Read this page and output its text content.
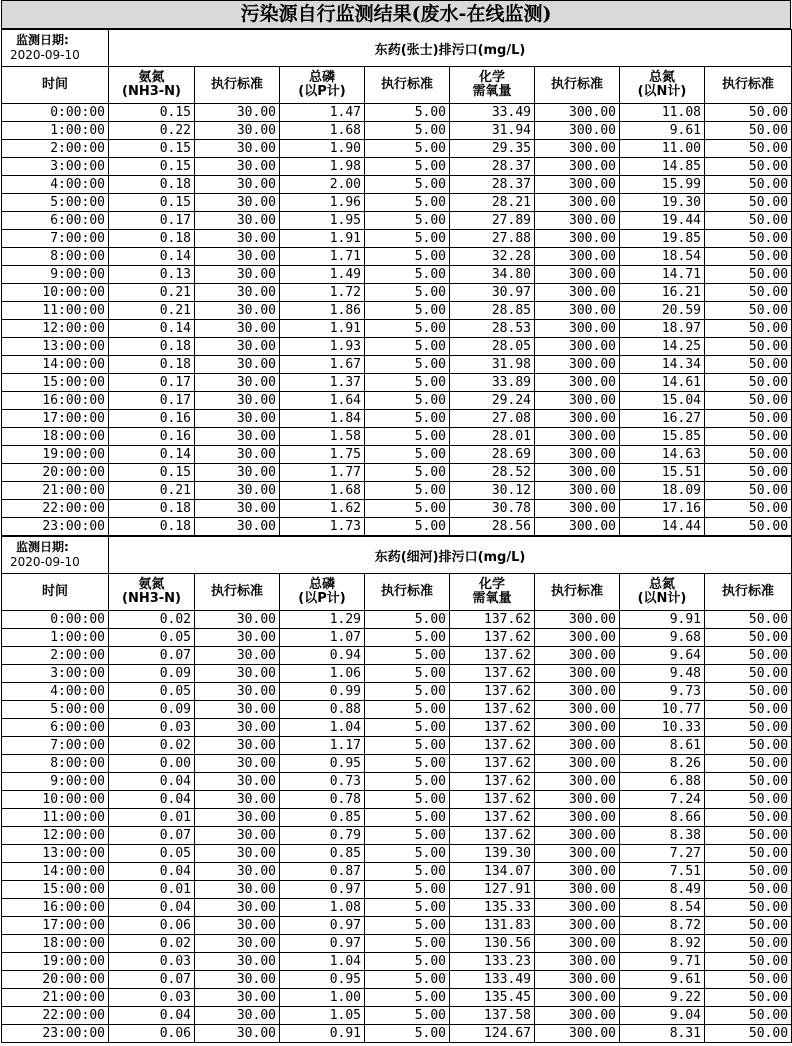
污染源自行监测结果(废水-在线监测)
监测日期:
2020-09-10	东药(张士)排污口(mg/L)							
时间	氨氮
(NH3-N)	执行标准	总磷
(以P计)	执行标准	化学
需氧量	执行标准	总氮
(以N计)	执行标准
0:00:00	0.15	30.00	1.47	5.00	33.49	300.00	11.08	50.00
1:00:00	0.22	30.00	1.68	5.00	31.94	300.00	9.61	50.00
2:00:00	0.15	30.00	1.90	5.00	29.35	300.00	11.00	50.00
3:00:00	0.15	30.00	1.98	5.00	28.37	300.00	14.85	50.00
4:00:00	0.18	30.00	2.00	5.00	28.37	300.00	15.99	50.00
5:00:00	0.15	30.00	1.96	5.00	28.21	300.00	19.30	50.00
6:00:00	0.17	30.00	1.95	5.00	27.89	300.00	19.44	50.00
7:00:00	0.18	30.00	1.91	5.00	27.88	300.00	19.85	50.00
8:00:00	0.14	30.00	1.71	5.00	32.28	300.00	18.54	50.00
9:00:00	0.13	30.00	1.49	5.00	34.80	300.00	14.71	50.00
10:00:00	0.21	30.00	1.72	5.00	30.97	300.00	16.21	50.00
11:00:00	0.21	30.00	1.86	5.00	28.85	300.00	20.59	50.00
12:00:00	0.14	30.00	1.91	5.00	28.53	300.00	18.97	50.00
13:00:00	0.18	30.00	1.93	5.00	28.05	300.00	14.25	50.00
14:00:00	0.18	30.00	1.67	5.00	31.98	300.00	14.34	50.00
15:00:00	0.17	30.00	1.37	5.00	33.89	300.00	14.61	50.00
16:00:00	0.17	30.00	1.64	5.00	29.24	300.00	15.04	50.00
17:00:00	0.16	30.00	1.84	5.00	27.08	300.00	16.27	50.00
18:00:00	0.16	30.00	1.58	5.00	28.01	300.00	15.85	50.00
19:00:00	0.14	30.00	1.75	5.00	28.69	300.00	14.63	50.00
20:00:00	0.15	30.00	1.77	5.00	28.52	300.00	15.51	50.00
21:00:00	0.21	30.00	1.68	5.00	30.12	300.00	18.09	50.00
22:00:00	0.18	30.00	1.62	5.00	30.78	300.00	17.16	50.00
23:00:00	0.18	30.00	1.73	5.00	28.56	300.00	14.44	50.00
监测日期:
2020-09-10	东药(细河)排污口(mg/L)							
时间	氨氮
(NH3-N)	执行标准	总磷
(以P计)	执行标准	化学
需氧量	执行标准	总氮
(以N计)	执行标准
0:00:00	0.02	30.00	1.29	5.00	137.62	300.00	9.91	50.00
1:00:00	0.05	30.00	1.07	5.00	137.62	300.00	9.68	50.00
2:00:00	0.07	30.00	0.94	5.00	137.62	300.00	9.64	50.00
3:00:00	0.09	30.00	1.06	5.00	137.62	300.00	9.48	50.00
4:00:00	0.05	30.00	0.99	5.00	137.62	300.00	9.73	50.00
5:00:00	0.09	30.00	0.88	5.00	137.62	300.00	10.77	50.00
6:00:00	0.03	30.00	1.04	5.00	137.62	300.00	10.33	50.00
7:00:00	0.02	30.00	1.17	5.00	137.62	300.00	8.61	50.00
8:00:00	0.00	30.00	0.95	5.00	137.62	300.00	8.26	50.00
9:00:00	0.04	30.00	0.73	5.00	137.62	300.00	6.88	50.00
10:00:00	0.04	30.00	0.78	5.00	137.62	300.00	7.24	50.00
11:00:00	0.01	30.00	0.85	5.00	137.62	300.00	8.66	50.00
12:00:00	0.07	30.00	0.79	5.00	137.62	300.00	8.38	50.00
13:00:00	0.05	30.00	0.85	5.00	139.30	300.00	7.27	50.00
14:00:00	0.04	30.00	0.87	5.00	134.07	300.00	7.51	50.00
15:00:00	0.01	30.00	0.97	5.00	127.91	300.00	8.49	50.00
16:00:00	0.04	30.00	1.08	5.00	135.33	300.00	8.54	50.00
17:00:00	0.06	30.00	0.97	5.00	131.83	300.00	8.72	50.00
18:00:00	0.02	30.00	0.97	5.00	130.56	300.00	8.92	50.00
19:00:00	0.03	30.00	1.04	5.00	133.23	300.00	9.71	50.00
20:00:00	0.07	30.00	0.95	5.00	133.49	300.00	9.61	50.00
21:00:00	0.03	30.00	1.00	5.00	135.45	300.00	9.22	50.00
22:00:00	0.04	30.00	1.05	5.00	137.58	300.00	9.04	50.00
23:00:00	0.06	30.00	0.91	5.00	124.67	300.00	8.31	50.00
